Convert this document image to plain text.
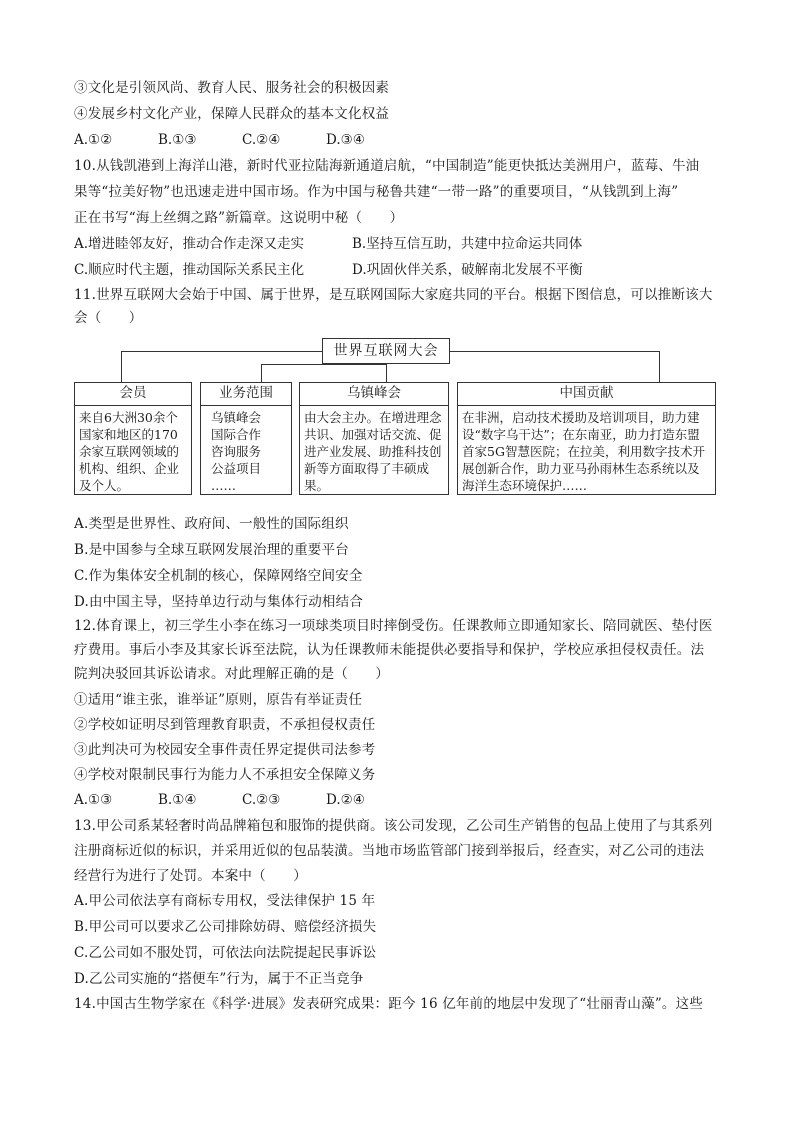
③文化是引领风尚、教育人民、服务社会的积极因素
④发展乡村文化产业，保障人民群众的基本文化权益
A.①②	B.①③	C.②④	D.③④
10.从钱凯港到上海洋山港，新时代亚拉陆海新通道启航，“中国制造”能更快抵达美洲用户，蓝莓、牛油
果等“拉美好物”也迅速走进中国市场。作为中国与秘鲁共建“一带一路”的重要项目，“从钱凯到上海”
正在书写“海上丝绸之路”新篇章。这说明中秘（　　）
A.增进睦邻友好，推动合作走深又走实	B.坚持互信互助，共建中拉命运共同体
C.顺应时代主题，推动国际关系民主化	D.巩固伙伴关系，破解南北发展不平衡
11.世界互联网大会始于中国、属于世界，是互联网国际大家庭共同的平台。根据下图信息，可以推断该大
会（　　）
世界互联网大会
会员
来自6大洲30余个国家和地区的170余家互联网领域的机构、组织、企业及个人。
业务范围
乌镇峰会
国际合作
咨询服务
公益项目
……
乌镇峰会
由大会主办。在增进理念共识、加强对话交流、促进产业发展、助推科技创新等方面取得了丰硕成果。
中国贡献
在非洲，启动技术援助及培训项目，助力建设“数字乌干达”；在东南亚，助力打造东盟首家5G智慧医院；在拉美，利用数字技术开展创新合作，助力亚马孙雨林生态系统以及海洋生态环境保护……
A.类型是世界性、政府间、一般性的国际组织
B.是中国参与全球互联网发展治理的重要平台
C.作为集体安全机制的核心，保障网络空间安全
D.由中国主导，坚持单边行动与集体行动相结合
12.体育课上，初三学生小李在练习一项球类项目时摔倒受伤。任课教师立即通知家长、陪同就医、垫付医
疗费用。事后小李及其家长诉至法院，认为任课教师未能提供必要指导和保护，学校应承担侵权责任。法
院判决驳回其诉讼请求。对此理解正确的是（　　）
①适用“谁主张，谁举证”原则，原告有举证责任
②学校如证明尽到管理教育职责，不承担侵权责任
③此判决可为校园安全事件责任界定提供司法参考
④学校对限制民事行为能力人不承担安全保障义务
A.①③	B.①④	C.②③	D.②④
13.甲公司系某轻奢时尚品牌箱包和服饰的提供商。该公司发现，乙公司生产销售的包品上使用了与其系列
注册商标近似的标识，并采用近似的包品装潢。当地市场监管部门接到举报后，经查实，对乙公司的违法
经营行为进行了处罚。本案中（　　）
A.甲公司依法享有商标专用权，受法律保护 15 年
B.甲公司可以要求乙公司排除妨碍、赔偿经济损失
C.乙公司如不服处罚，可依法向法院提起民事诉讼
D.乙公司实施的“搭便车”行为，属于不正当竞争
14.中国古生物学家在《科学·进展》发表研究成果：距今 16 亿年前的地层中发现了“壮丽青山藻”。这些
